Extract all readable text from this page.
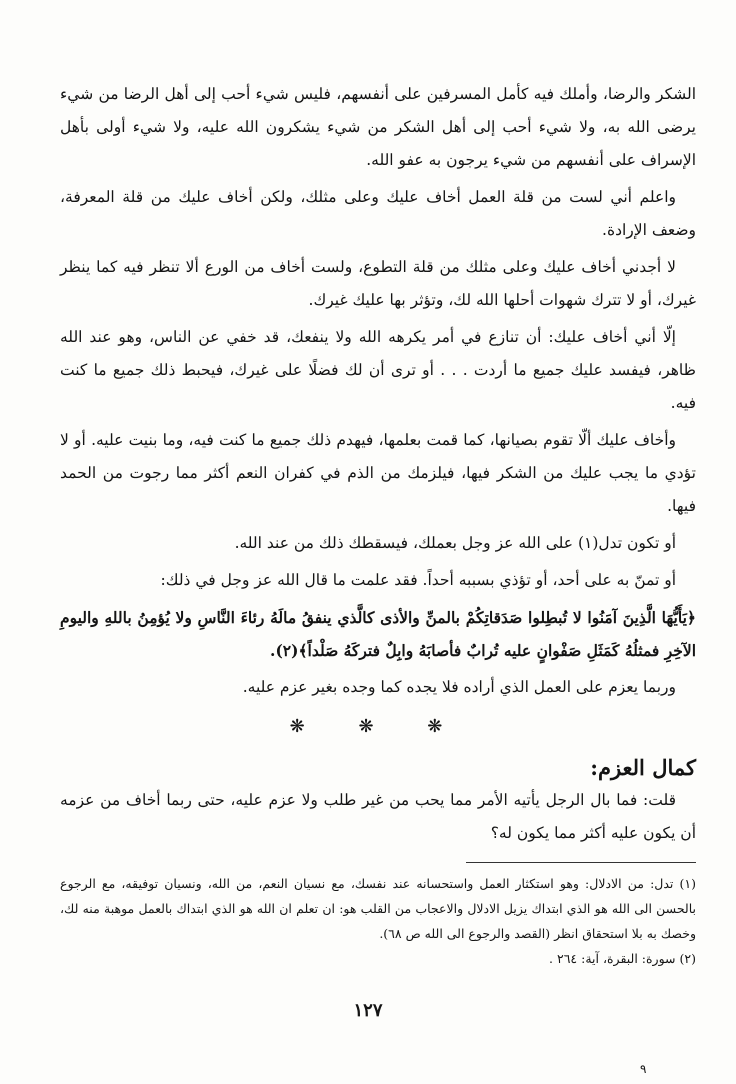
الشكر والرضا، وأملك فيه كأمل المسرفين على أنفسهم، فليس شيء أحب إلى أهل الرضا من شيء يرضى الله به، ولا شيء أحب إلى أهل الشكر من شيء يشكرون الله عليه، ولا شيء أولى بأهل الإسراف على أنفسهم من شيء يرجون به عفو الله.

واعلم أني لست من قلة العمل أخاف عليك وعلى مثلك، ولكن أخاف عليك من قلة المعرفة، وضعف الإرادة.

لا أجدني أخاف عليك وعلى مثلك من قلة التطوع، ولست أخاف من الورع ألا تنظر فيه كما ينظر غيرك، أو لا تترك شهوات أحلها الله لك، وتؤثر بها عليك غيرك.

إلّا أني أخاف عليك: أن تنازع في أمر يكرهه الله ولا ينفعك، قد خفي عن الناس، وهو عند الله ظاهر، فيفسد عليك جميع ما أردت . . . أو ترى أن لك فضلًا على غيرك، فيحبط ذلك جميع ما كنت فيه.

وأخاف عليك ألّا تقوم بصيانها، كما قمت بعلمها، فيهدم ذلك جميع ما كنت فيه، وما بنيت عليه. أو لا تؤدي ما يجب عليك من الشكر فيها، فيلزمك من الذم في كفران النعم أكثر مما رجوت من الحمد فيها.

أو تكون تدل(١) على الله عز وجل بعملك، فيسقطك ذلك من عند الله.

أو تمنّ به على أحد، أو تؤذي بسببه أحداً. فقد علمت ما قال الله عز وجل في ذلك:

﴿يَأَيُّهَا الَّذِينَ آمَنُوا لا تُبطِلوا صَدَقاتِكُمْ بالمنِّ والأذى كالَّذي ينفقُ مالَهُ رئاءَ النَّاسِ ولا يُؤمِنُ باللهِ واليومِ الآخِرِ فمثلُهُ كَمَثَلِ صَفْوانٍ عليه تُرابٌ فأصابَهُ وابِلٌ فتركَهُ صَلْداً﴾(٢).

وربما يعزم على العمل الذي أراده فلا يجده كما وجده بغير عزم عليه.

❋ ❋ ❋
كمال العزم:

قلت: فما بال الرجل يأتيه الأمر مما يحب من غير طلب ولا عزم عليه، حتى ربما أخاف من عزمه أن يكون عليه أكثر مما يكون له؟

(١) تدل: من الادلال: وهو استكثار العمل واستحسانه عند نفسك، مع نسيان النعم، من الله، ونسيان توفيقه، مع الرجوع بالحسن الى الله هو الذي ابتداك يزيل الادلال والاعجاب من القلب هو: ان تعلم ان الله هو الذي ابتداك بالعمل موهبة منه لك، وخصك به بلا استحقاق انظر (القصد والرجوع الى الله ص ٦٨).

(٢) سورة: البقرة، آية: ٢٦٤ .

١٢٧
٩
